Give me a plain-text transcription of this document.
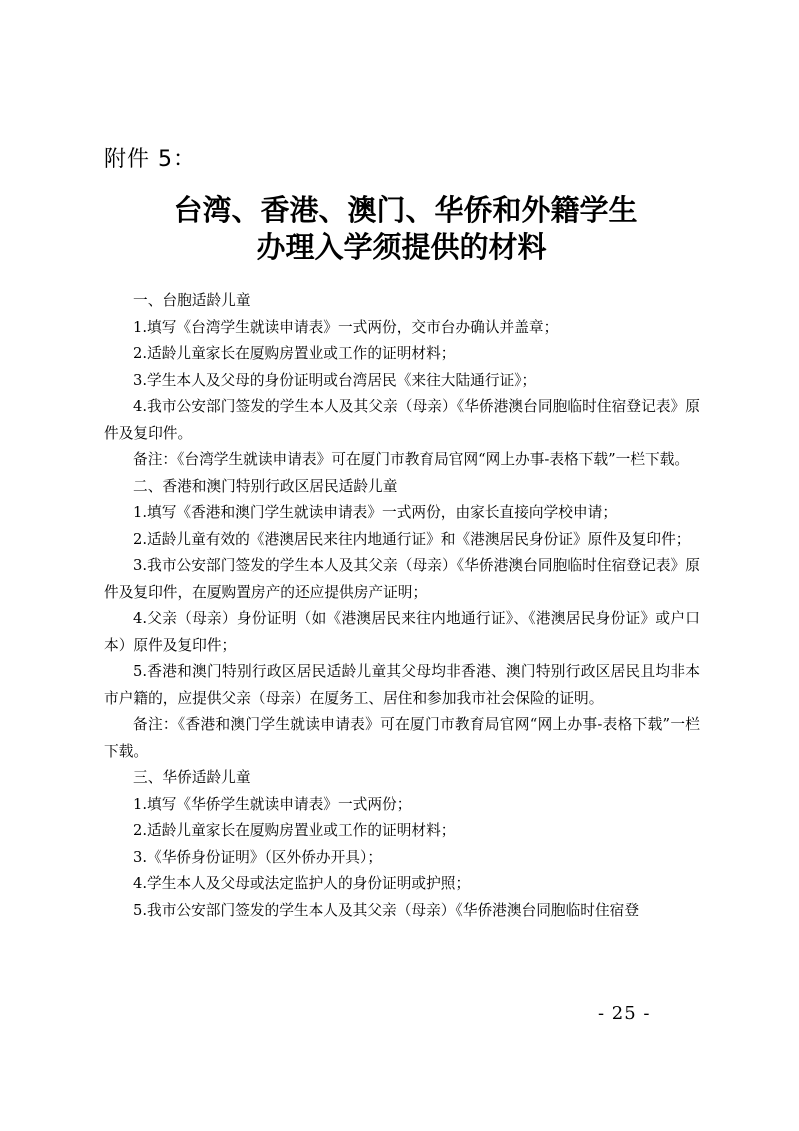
附件 5：
台湾、香港、澳门、华侨和外籍学生
办理入学须提供的材料

一、台胞适龄儿童

1.填写《台湾学生就读申请表》一式两份，交市台办确认并盖章；

2.适龄儿童家长在厦购房置业或工作的证明材料；

3.学生本人及父母的身份证明或台湾居民《来往大陆通行证》；

4.我市公安部门签发的学生本人及其父亲（母亲）《华侨港澳台同胞临时住宿登记表》原件及复印件。

备注：《台湾学生就读申请表》可在厦门市教育局官网“网上办事-表格下载”一栏下载。

二、香港和澳门特别行政区居民适龄儿童

1.填写《香港和澳门学生就读申请表》一式两份，由家长直接向学校申请；

2.适龄儿童有效的《港澳居民来往内地通行证》和《港澳居民身份证》原件及复印件；

3.我市公安部门签发的学生本人及其父亲（母亲）《华侨港澳台同胞临时住宿登记表》原件及复印件，在厦购置房产的还应提供房产证明；

4.父亲（母亲）身份证明（如《港澳居民来往内地通行证》、《港澳居民身份证》或户口本）原件及复印件；

5.香港和澳门特别行政区居民适龄儿童其父母均非香港、澳门特别行政区居民且均非本市户籍的，应提供父亲（母亲）在厦务工、居住和参加我市社会保险的证明。

备注：《香港和澳门学生就读申请表》可在厦门市教育局官网“网上办事-表格下载”一栏下载。

三、华侨适龄儿童

1.填写《华侨学生就读申请表》一式两份；

2.适龄儿童家长在厦购房置业或工作的证明材料；

3.《华侨身份证明》（区外侨办开具）；

4.学生本人及父母或法定监护人的身份证明或护照；

5.我市公安部门签发的学生本人及其父亲（母亲）《华侨港澳台同胞临时住宿登

- 25 -
